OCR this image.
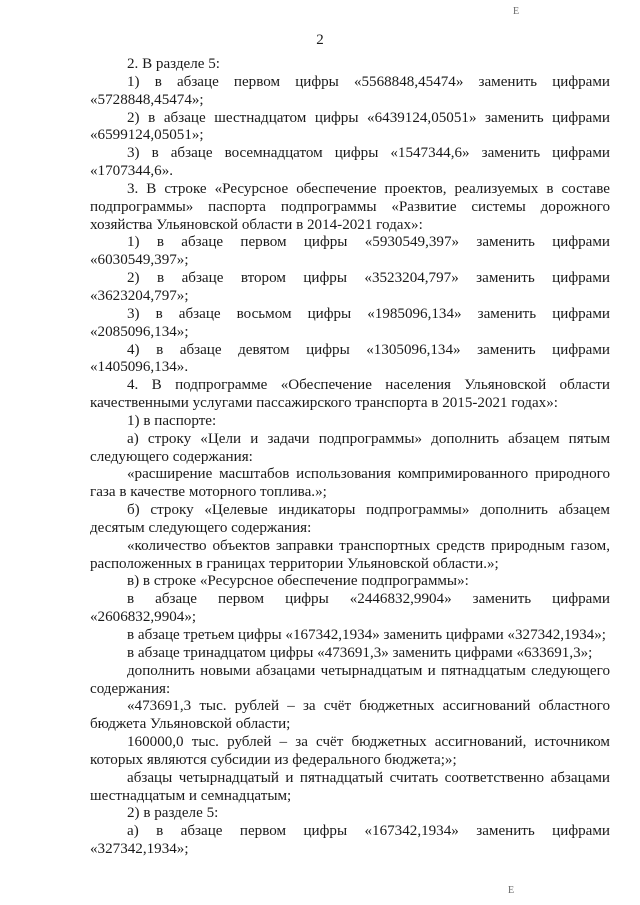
Е
2

2. В разделе 5:

1) в абзаце первом цифры «5568848,45474» заменить цифрами «5728848,45474»;

2) в абзаце шестнадцатом цифры «6439124,05051» заменить цифрами «6599124,05051»;

3) в абзаце восемнадцатом цифры «1547344,6» заменить цифрами «1707344,6».

3. В строке «Ресурсное обеспечение проектов, реализуемых в составе подпрограммы» паспорта подпрограммы «Развитие системы дорожного хозяйства Ульяновской области в 2014-2021 годах»:

1) в абзаце первом цифры «5930549,397» заменить цифрами «6030549,397»;

2) в абзаце втором цифры «3523204,797» заменить цифрами «3623204,797»;

3) в абзаце восьмом цифры «1985096,134» заменить цифрами «2085096,134»;

4) в абзаце девятом цифры «1305096,134» заменить цифрами «1405096,134».

4. В подпрограмме «Обеспечение населения Ульяновской области качественными услугами пассажирского транспорта в 2015-2021 годах»:

1) в паспорте:

а) строку «Цели и задачи подпрограммы» дополнить абзацем пятым следующего содержания:

«расширение масштабов использования компримированного природного газа в качестве моторного топлива.»;

б) строку «Целевые индикаторы подпрограммы» дополнить абзацем десятым следующего содержания:

«количество объектов заправки транспортных средств природным газом, расположенных в границах территории Ульяновской области.»;

в) в строке «Ресурсное обеспечение подпрограммы»:

в абзаце первом цифры «2446832,9904» заменить цифрами «2606832,9904»;

в абзаце третьем цифры «167342,1934» заменить цифрами «327342,1934»;

в абзаце тринадцатом цифры «473691,3» заменить цифрами «633691,3»;

дополнить новыми абзацами четырнадцатым и пятнадцатым следующего содержания:

«473691,3 тыс. рублей – за счёт бюджетных ассигнований областного бюджета Ульяновской области;

160000,0 тыс. рублей – за счёт бюджетных ассигнований, источником которых являются субсидии из федерального бюджета;»;

абзацы четырнадцатый и пятнадцатый считать соответственно абзацами шестнадцатым и семнадцатым;

2) в разделе 5:

а) в абзаце первом цифры «167342,1934» заменить цифрами «327342,1934»;

Е
